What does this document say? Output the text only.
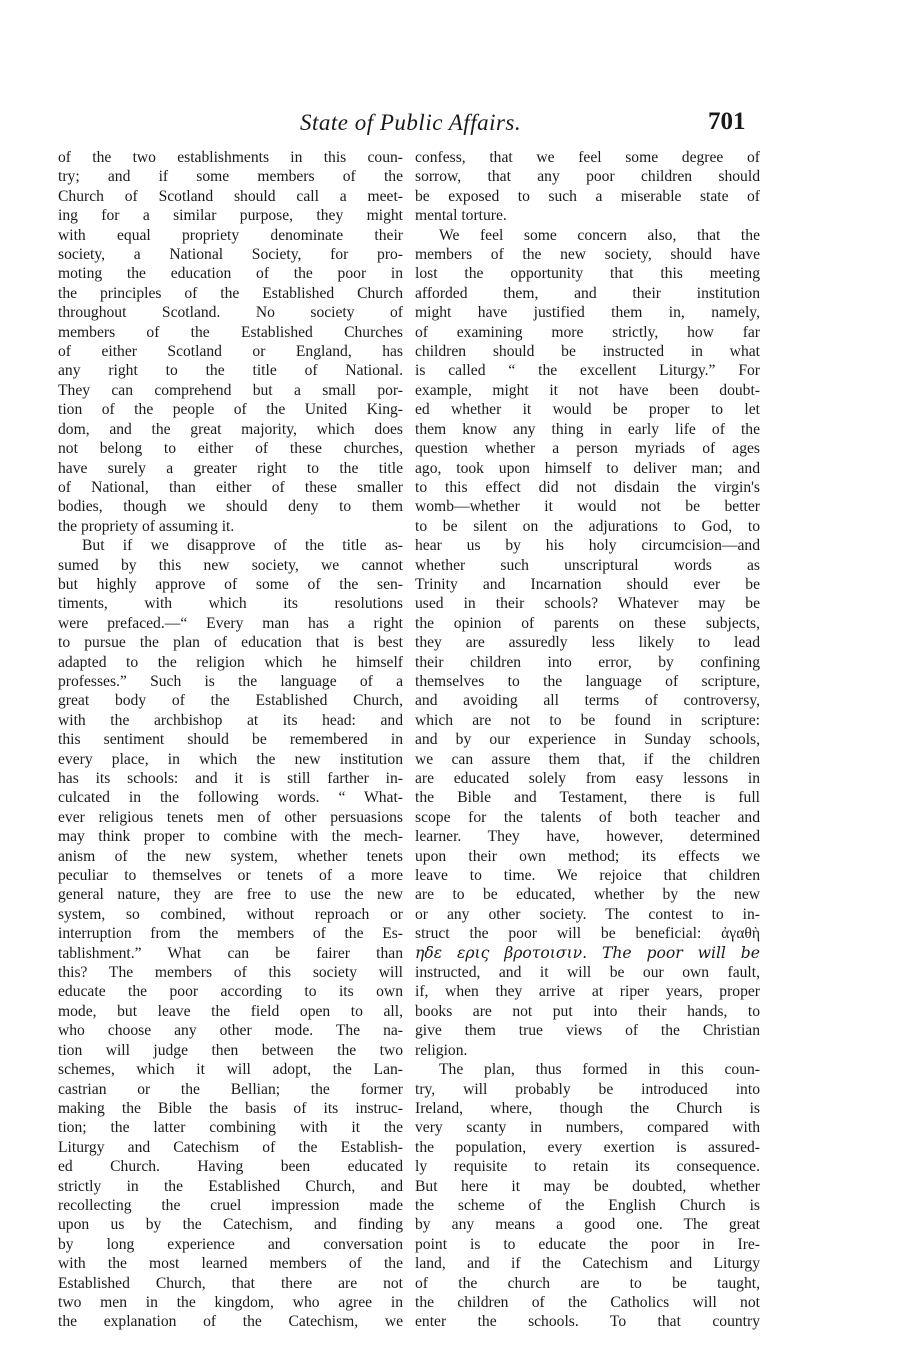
State of Public Affairs.	701
of the two establishments in this coun-
try; and if some members of the
Church of Scotland should call a meet-
ing for a similar purpose, they might
with equal propriety denominate their
society, a National Society, for pro-
moting the education of the poor in
the principles of the Established Church
throughout Scotland. No society of
members of the Established Churches
of either Scotland or England, has
any right to the title of National.
They can comprehend but a small por-
tion of the people of the United King-
dom, and the great majority, which does
not belong to either of these churches,
have surely a greater right to the title
of National, than either of these smaller
bodies, though we should deny to them
the propriety of assuming it.
But if we disapprove of the title as-
sumed by this new society, we cannot
but highly approve of some of the sen-
timents, with which its resolutions
were prefaced.—“ Every man has a right
to pursue the plan of education that is best
adapted to the religion which he himself
professes.” Such is the language of a
great body of the Established Church,
with the archbishop at its head: and
this sentiment should be remembered in
every place, in which the new institution
has its schools: and it is still farther in-
culcated in the following words. “ What-
ever religious tenets men of other persuasions
may think proper to combine with the mech-
anism of the new system, whether tenets
peculiar to themselves or tenets of a more
general nature, they are free to use the new
system, so combined, without reproach or
interruption from the members of the Es-
tablishment.” What can be fairer than
this? The members of this society will
educate the poor according to its own
mode, but leave the field open to all,
who choose any other mode. The na-
tion will judge then between the two
schemes, which it will adopt, the Lan-
castrian or the Bellian; the former
making the Bible the basis of its instruc-
tion; the latter combining with it the
Liturgy and Catechism of the Establish-
ed Church. Having been educated
strictly in the Established Church, and
recollecting the cruel impression made
upon us by the Catechism, and finding
by long experience and conversation
with the most learned members of the
Established Church, that there are not
two men in the kingdom, who agree in
the explanation of the Catechism, we
confess, that we feel some degree of
sorrow, that any poor children should
be exposed to such a miserable state of
mental torture.
We feel some concern also, that the
members of the new society, should have
lost the opportunity that this meeting
afforded them, and their institution
might have justified them in, namely,
of examining more strictly, how far
children should be instructed in what
is called “ the excellent Liturgy.” For
example, might it not have been doubt-
ed whether it would be proper to let
them know any thing in early life of the
question whether a person myriads of ages
ago, took upon himself to deliver man; and
to this effect did not disdain the virgin's
womb—whether it would not be better
to be silent on the adjurations to God, to
hear us by his holy circumcision—and
whether such unscriptural words as
Trinity and Incarnation should ever be
used in their schools? Whatever may be
the opinion of parents on these subjects,
they are assuredly less likely to lead
their children into error, by confining
themselves to the language of scripture,
and avoiding all terms of controversy,
which are not to be found in scripture:
and by our experience in Sunday schools,
we can assure them that, if the children
are educated solely from easy lessons in
the Bible and Testament, there is full
scope for the talents of both teacher and
learner. They have, however, determined
upon their own method; its effects we
leave to time. We rejoice that children
are to be educated, whether by the new
or any other society. The contest to in-
struct the poor will be beneficial: ἀγαθὴ
ηδε ερις βροτοισιν. The poor will be
instructed, and it will be our own fault,
if, when they arrive at riper years, proper
books are not put into their hands, to
give them true views of the Christian
religion.
The plan, thus formed in this coun-
try, will probably be introduced into
Ireland, where, though the Church is
very scanty in numbers, compared with
the population, every exertion is assured-
ly requisite to retain its consequence.
But here it may be doubted, whether
the scheme of the English Church is
by any means a good one. The great
point is to educate the poor in Ire-
land, and if the Catechism and Liturgy
of the church are to be taught,
the children of the Catholics will not
enter the schools. To that country
